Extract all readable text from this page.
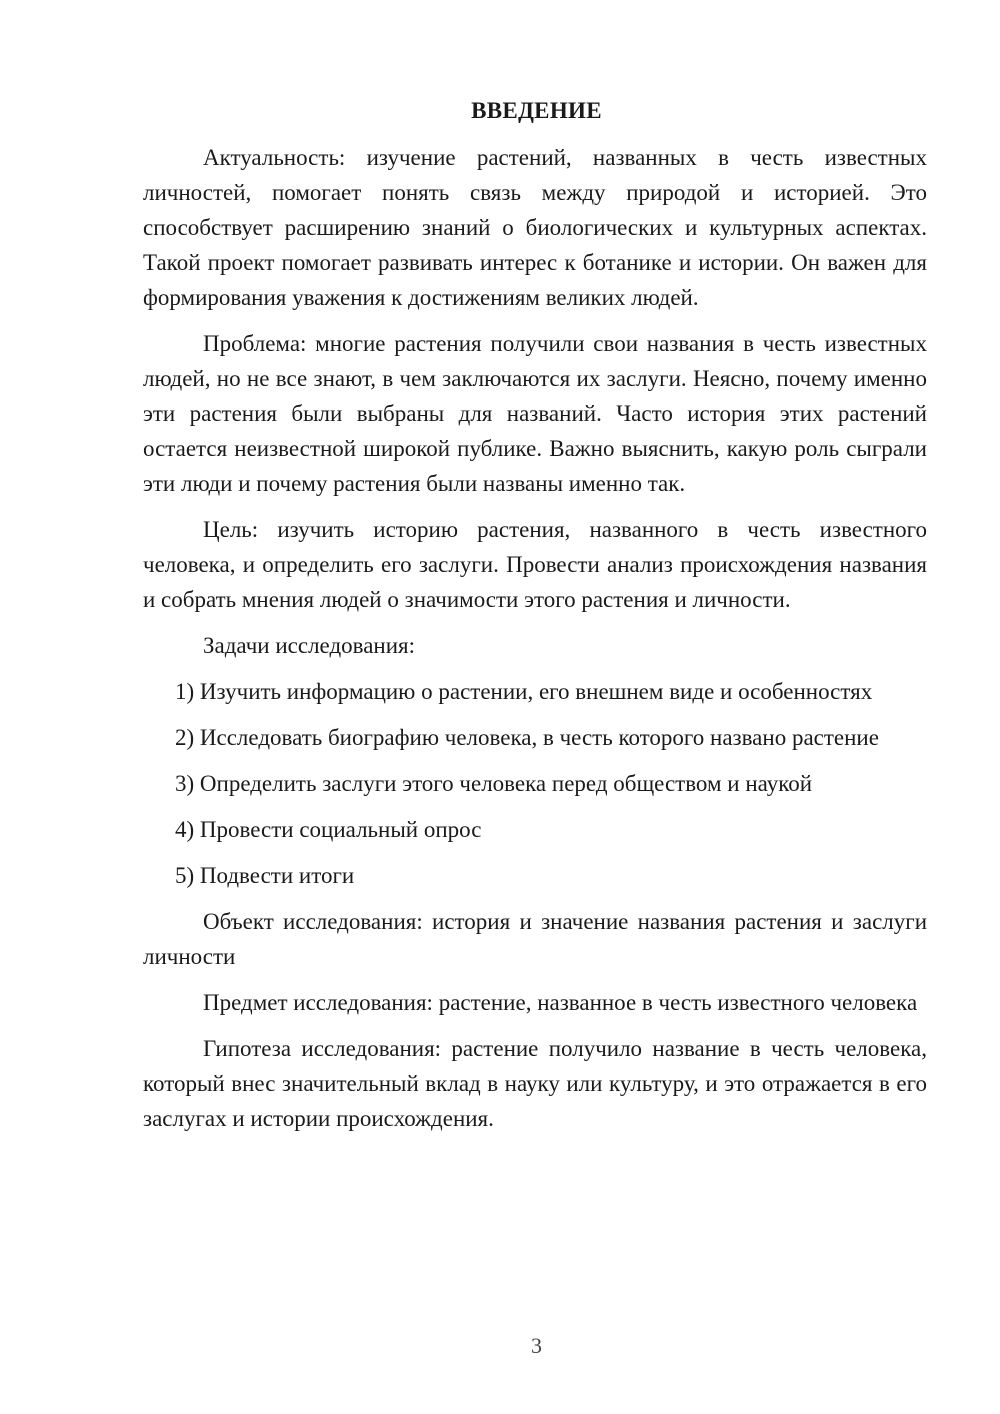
ВВЕДЕНИЕ

Актуальность: изучение растений, названных в честь известных личностей, помогает понять связь между природой и историей. Это способствует расширению знаний о биологических и культурных аспектах. Такой проект помогает развивать интерес к ботанике и истории. Он важен для формирования уважения к достижениям великих людей.

Проблема: многие растения получили свои названия в честь известных людей, но не все знают, в чем заключаются их заслуги. Неясно, почему именно эти растения были выбраны для названий. Часто история этих растений остается неизвестной широкой публике. Важно выяснить, какую роль сыграли эти люди и почему растения были названы именно так.

Цель: изучить историю растения, названного в честь известного человека, и определить его заслуги. Провести анализ происхождения названия и собрать мнения людей о значимости этого растения и личности.

Задачи исследования:

1) Изучить информацию о растении, его внешнем виде и особенностях

2) Исследовать биографию человека, в честь которого названо растение

3) Определить заслуги этого человека перед обществом и наукой

4) Провести социальный опрос

5) Подвести итоги

Объект исследования: история и значение названия растения и заслуги личности

Предмет исследования: растение, названное в честь известного человека

Гипотеза исследования: растение получило название в честь человека, который внес значительный вклад в науку или культуру, и это отражается в его заслугах и истории происхождения.

3
